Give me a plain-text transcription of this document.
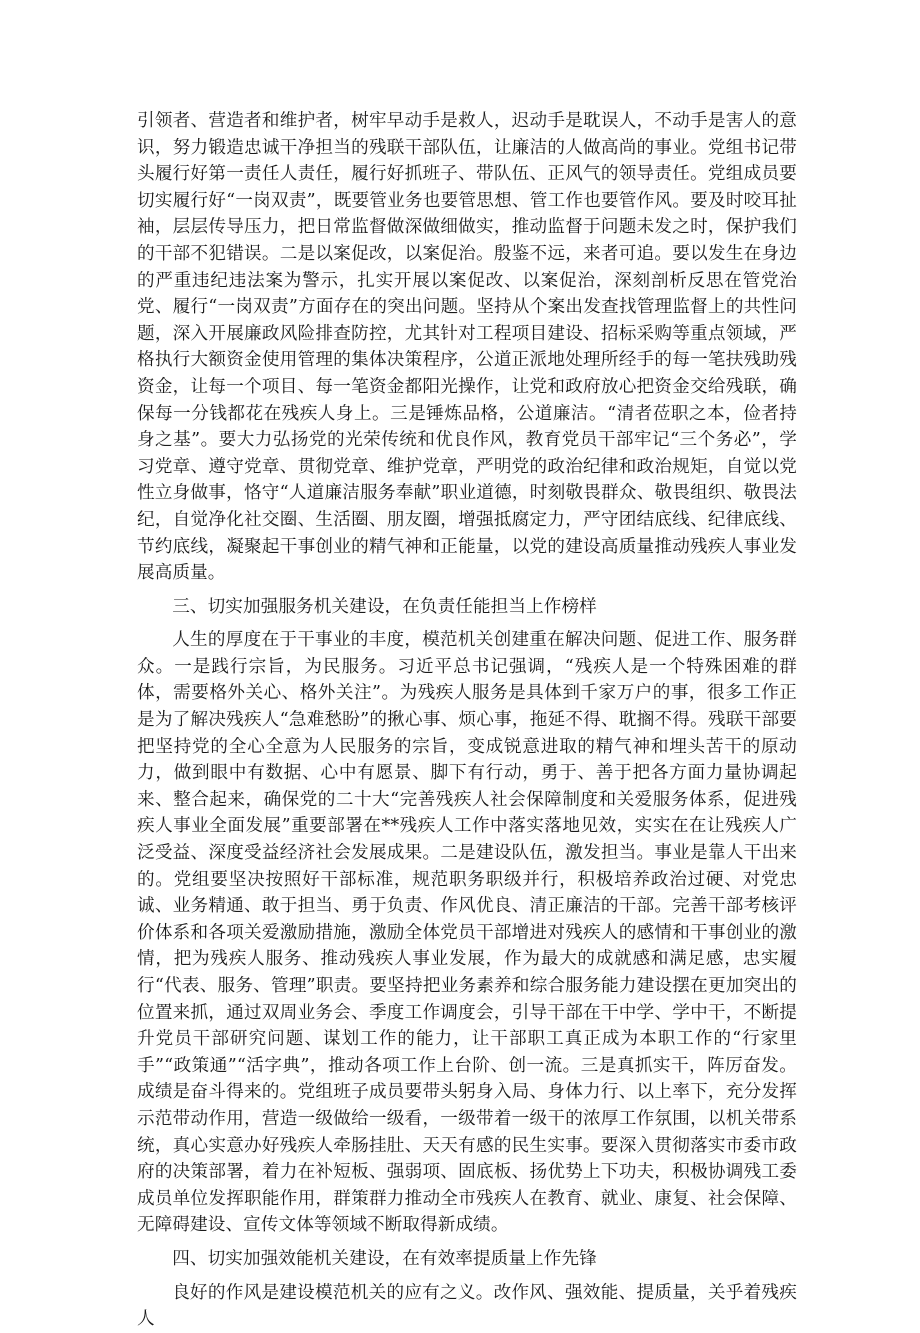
引领者、营造者和维护者，树牢早动手是救人，迟动手是耽误人，不动手是害人的意识，努力锻造忠诚干净担当的残联干部队伍，让廉洁的人做高尚的事业。党组书记带头履行好第一责任人责任，履行好抓班子、带队伍、正风气的领导责任。党组成员要切实履行好“一岗双责”，既要管业务也要管思想、管工作也要管作风。要及时咬耳扯袖，层层传导压力，把日常监督做深做细做实，推动监督于问题未发之时，保护我们的干部不犯错误。二是以案促改，以案促治。殷鉴不远，来者可追。要以发生在身边的严重违纪违法案为警示，扎实开展以案促改、以案促治，深刻剖析反思在管党治党、履行“一岗双责”方面存在的突出问题。坚持从个案出发查找管理监督上的共性问题，深入开展廉政风险排查防控，尤其针对工程项目建设、招标采购等重点领域，严格执行大额资金使用管理的集体决策程序，公道正派地处理所经手的每一笔扶残助残资金，让每一个项目、每一笔资金都阳光操作，让党和政府放心把资金交给残联，确保每一分钱都花在残疾人身上。三是锤炼品格，公道廉洁。“清者莅职之本，俭者持身之基”。要大力弘扬党的光荣传统和优良作风，教育党员干部牢记“三个务必”，学习党章、遵守党章、贯彻党章、维护党章，严明党的政治纪律和政治规矩，自觉以党性立身做事，恪守“人道廉洁服务奉献”职业道德，时刻敬畏群众、敬畏组织、敬畏法纪，自觉净化社交圈、生活圈、朋友圈，增强抵腐定力，严守团结底线、纪律底线、节约底线，凝聚起干事创业的精气神和正能量，以党的建设高质量推动残疾人事业发展高质量。

三、切实加强服务机关建设，在负责任能担当上作榜样

人生的厚度在于干事业的丰度，模范机关创建重在解决问题、促进工作、服务群众。一是践行宗旨，为民服务。习近平总书记强调，“残疾人是一个特殊困难的群体，需要格外关心、格外关注”。为残疾人服务是具体到千家万户的事，很多工作正是为了解决残疾人“急难愁盼”的揪心事、烦心事，拖延不得、耽搁不得。残联干部要把坚持党的全心全意为人民服务的宗旨，变成锐意进取的精气神和埋头苦干的原动力，做到眼中有数据、心中有愿景、脚下有行动，勇于、善于把各方面力量协调起来、整合起来，确保党的二十大“完善残疾人社会保障制度和关爱服务体系，促进残疾人事业全面发展”重要部署在**残疾人工作中落实落地见效，实实在在让残疾人广泛受益、深度受益经济社会发展成果。二是建设队伍，激发担当。事业是靠人干出来的。党组要坚决按照好干部标准，规范职务职级并行，积极培养政治过硬、对党忠诚、业务精通、敢于担当、勇于负责、作风优良、清正廉洁的干部。完善干部考核评价体系和各项关爱激励措施，激励全体党员干部增进对残疾人的感情和干事创业的激情，把为残疾人服务、推动残疾人事业发展，作为最大的成就感和满足感，忠实履行“代表、服务、管理”职责。要坚持把业务素养和综合服务能力建设摆在更加突出的位置来抓，通过双周业务会、季度工作调度会，引导干部在干中学、学中干，不断提升党员干部研究问题、谋划工作的能力，让干部职工真正成为本职工作的“行家里手”“政策通”“活字典”，推动各项工作上台阶、创一流。三是真抓实干，阵厉奋发。成绩是奋斗得来的。党组班子成员要带头躬身入局、身体力行、以上率下，充分发挥示范带动作用，营造一级做给一级看，一级带着一级干的浓厚工作氛围，以机关带系统，真心实意办好残疾人牵肠挂肚、天天有感的民生实事。要深入贯彻落实市委市政府的决策部署，着力在补短板、强弱项、固底板、扬优势上下功夫，积极协调残工委成员单位发挥职能作用，群策群力推动全市残疾人在教育、就业、康复、社会保障、无障碍建设、宣传文体等领域不断取得新成绩。

四、切实加强效能机关建设，在有效率提质量上作先锋

良好的作风是建设模范机关的应有之义。改作风、强效能、提质量，关乎着残疾人
